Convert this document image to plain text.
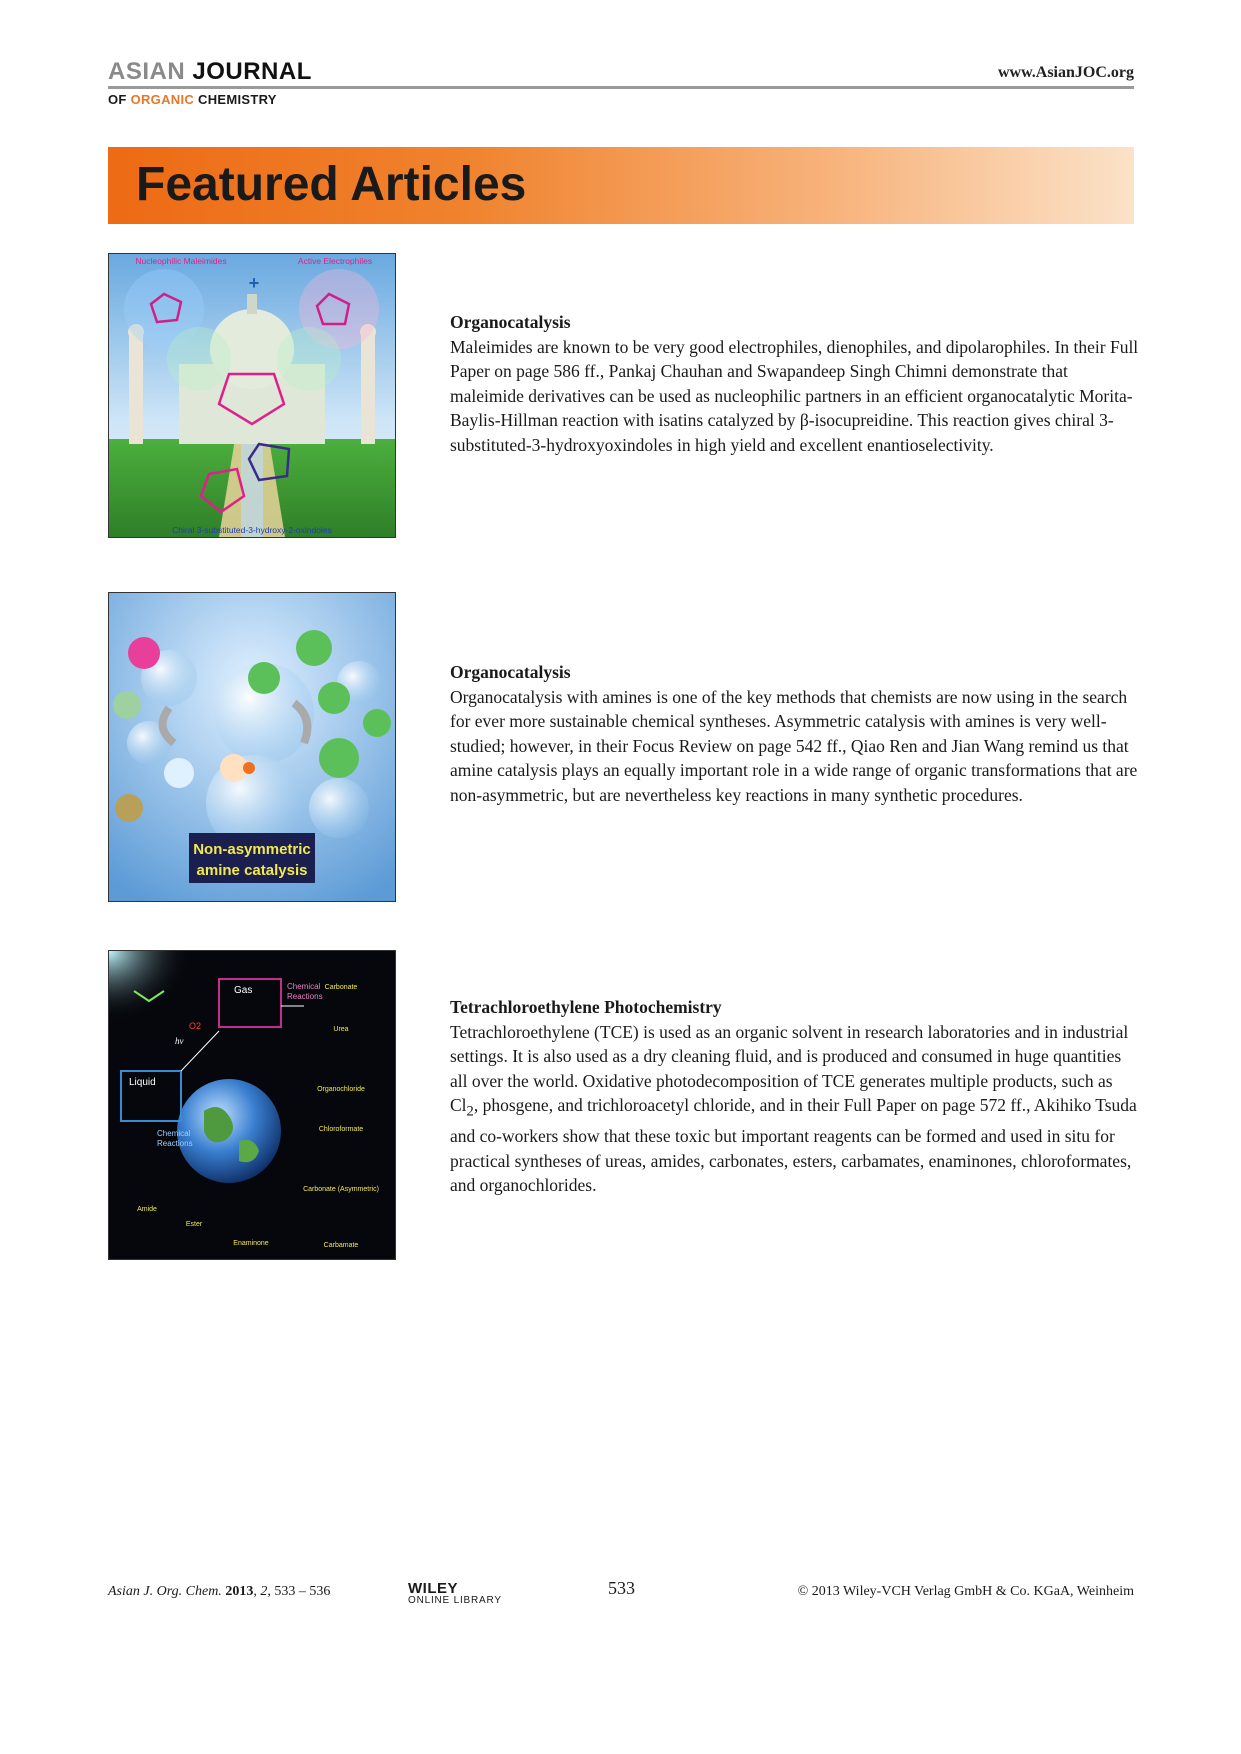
ASIAN JOURNAL
OF ORGANIC CHEMISTRY
www.AsianJOC.org
Featured Articles
+
Nucleophilic Maleimides	Active Electrophiles
Chiral 3-substituted-3-hydroxy-2-oxindoles
Organocatalysis
Maleimides are known to be very good electrophiles, dienophiles, and dipolarophiles. In their Full Paper on page 586 ff., Pankaj Chauhan and Swapandeep Singh Chimni demonstrate that maleimide derivatives can be used as nucleophilic partners in an efficient organocatalytic Morita-Baylis-Hillman reaction with isatins catalyzed by β-isocupreidine. This reaction gives chiral 3-substituted-3-hydroxyoxindoles in high yield and excellent enantioselectivity.
Non-asymmetric
amine catalysis
Organocatalysis
Organocatalysis with amines is one of the key methods that chemists are now using in the search for ever more sustainable chemical syntheses. Asymmetric catalysis with amines is very well-studied; however, in their Focus Review on page 542 ff., Qiao Ren and Jian Wang remind us that amine catalysis plays an equally important role in a wide range of organic transformations that are non-asymmetric, but are nevertheless key reactions in many synthetic procedures.
Gas
Liquid
Chemical
Reactions
Chemical
Reactions
hv
O2
Carbonate
Urea
Organochloride
Chloroformate
Carbonate (Asymmetric)
Carbamate
Amide
Ester
Enaminone
Tetrachloroethylene Photochemistry
Tetrachloroethylene (TCE) is used as an organic solvent in research laboratories and in industrial settings. It is also used as a dry cleaning fluid, and is produced and consumed in huge quantities all over the world. Oxidative photodecomposition of TCE generates multiple products, such as $Cl_2$, phosgene, and trichloroacetyl chloride, and in their Full Paper on page 572 ff., Akihiko Tsuda and co-workers show that these toxic but important reagents can be formed and used in situ for practical syntheses of ureas, amides, carbonates, esters, carbamates, enaminones, chloroformates, and organochlorides.
Asian J. Org. Chem. 2013, 2, 533 – 536	WILEY
ONLINE LIBRARY
533	© 2013 Wiley-VCH Verlag GmbH & Co. KGaA, Weinheim
